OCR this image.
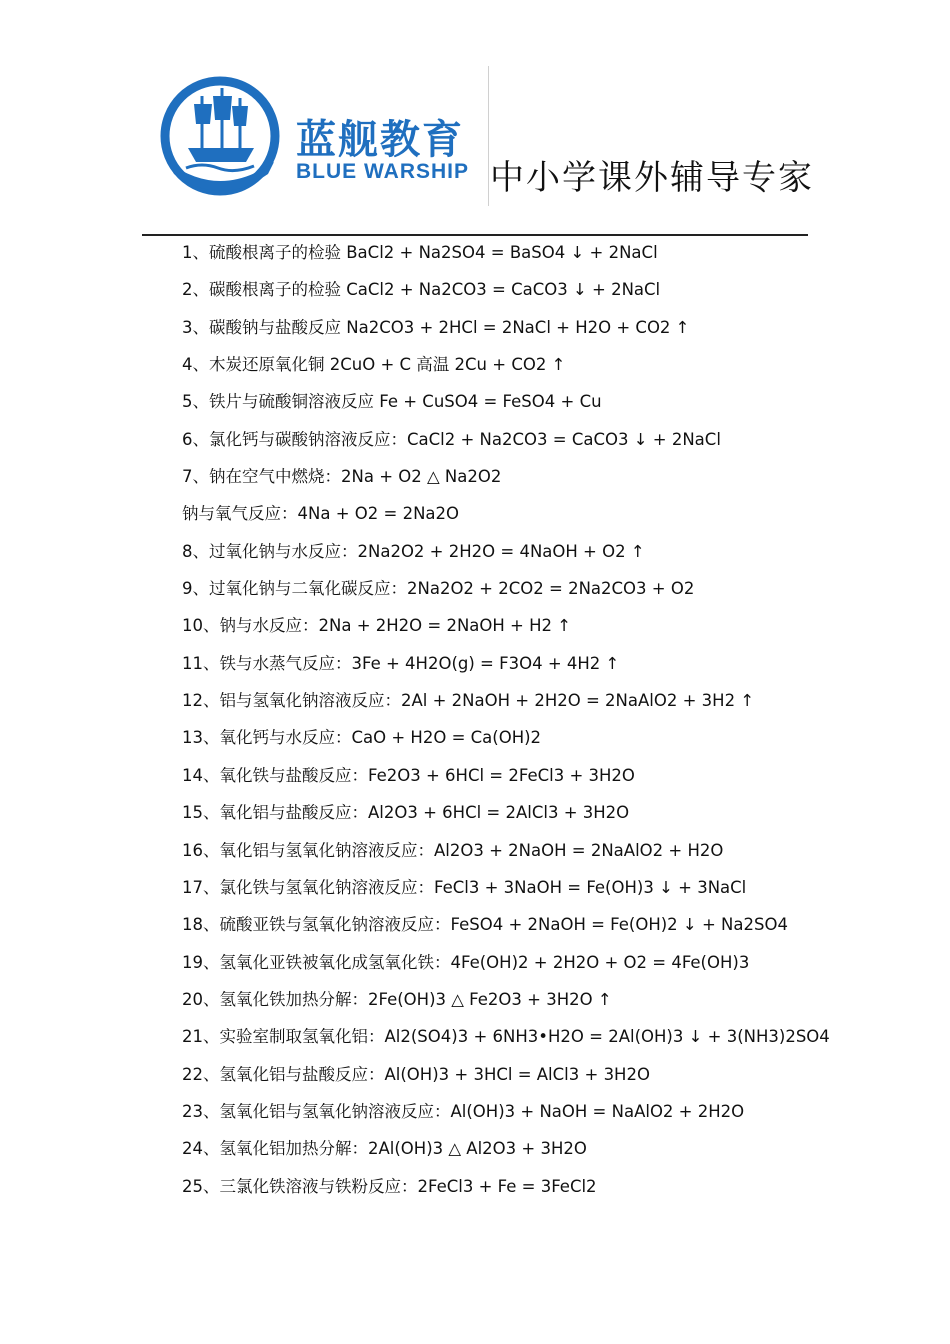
蓝舰教育
BLUE WARSHIP 中小学课外辅导专家
1、硫酸根离子的检验 BaCl2 + Na2SO4 = BaSO4 ↓ + 2NaCl
2、碳酸根离子的检验 CaCl2 + Na2CO3 = CaCO3 ↓ + 2NaCl
3、碳酸钠与盐酸反应 Na2CO3 + 2HCl = 2NaCl + H2O + CO2 ↑
4、木炭还原氧化铜 2CuO + C 高温 2Cu + CO2 ↑
5、铁片与硫酸铜溶液反应 Fe + CuSO4 = FeSO4 + Cu
6、氯化钙与碳酸钠溶液反应：CaCl2 + Na2CO3 = CaCO3 ↓ + 2NaCl
7、钠在空气中燃烧：2Na + O2 △ Na2O2
钠与氧气反应：4Na + O2 = 2Na2O
8、过氧化钠与水反应：2Na2O2 + 2H2O = 4NaOH + O2 ↑
9、过氧化钠与二氧化碳反应：2Na2O2 + 2CO2 = 2Na2CO3 + O2
10、钠与水反应：2Na + 2H2O = 2NaOH + H2 ↑
11、铁与水蒸气反应：3Fe + 4H2O(g) = F3O4 + 4H2 ↑
12、铝与氢氧化钠溶液反应：2Al + 2NaOH + 2H2O = 2NaAlO2 + 3H2 ↑
13、氧化钙与水反应：CaO + H2O = Ca(OH)2
14、氧化铁与盐酸反应：Fe2O3 + 6HCl = 2FeCl3 + 3H2O
15、氧化铝与盐酸反应：Al2O3 + 6HCl = 2AlCl3 + 3H2O
16、氧化铝与氢氧化钠溶液反应：Al2O3 + 2NaOH = 2NaAlO2 + H2O
17、氯化铁与氢氧化钠溶液反应：FeCl3 + 3NaOH = Fe(OH)3 ↓ + 3NaCl
18、硫酸亚铁与氢氧化钠溶液反应：FeSO4 + 2NaOH = Fe(OH)2 ↓ + Na2SO4
19、氢氧化亚铁被氧化成氢氧化铁：4Fe(OH)2 + 2H2O + O2 = 4Fe(OH)3
20、氢氧化铁加热分解：2Fe(OH)3 △ Fe2O3 + 3H2O ↑
21、实验室制取氢氧化铝：Al2(SO4)3 + 6NH3•H2O = 2Al(OH)3 ↓ + 3(NH3)2SO4
22、氢氧化铝与盐酸反应：Al(OH)3 + 3HCl = AlCl3 + 3H2O
23、氢氧化铝与氢氧化钠溶液反应：Al(OH)3 + NaOH = NaAlO2 + 2H2O
24、氢氧化铝加热分解：2Al(OH)3 △ Al2O3 + 3H2O
25、三氯化铁溶液与铁粉反应：2FeCl3 + Fe = 3FeCl2
